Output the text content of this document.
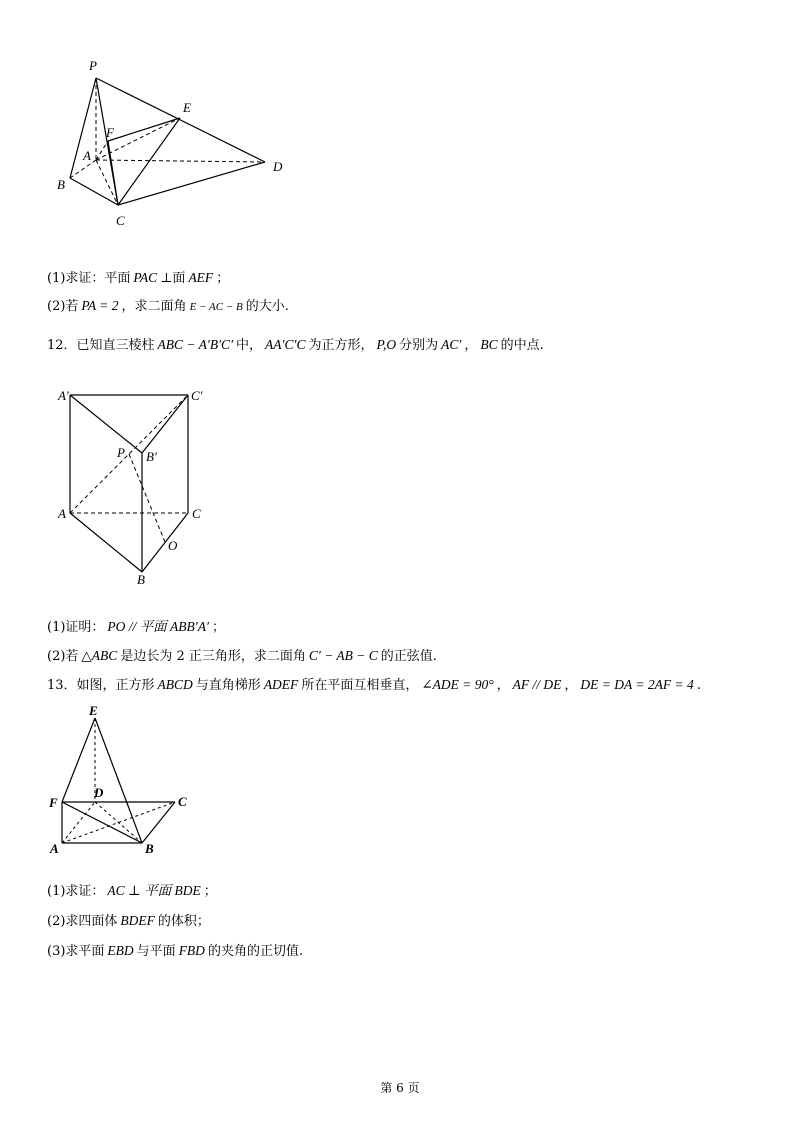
P
E
F
A
D
B
C
(1)求证：平面 PAC ⊥面 AEF ；
(2)若 PA = 2 ，求二面角 E − AC − B 的大小.
12．已知直三棱柱 ABC − A′B′C′ 中， AA′C′C 为正方形， P,O 分别为 AC′ ， BC 的中点.
A′	C′
P B′
A	C
O
B
(1)证明： PO // 平面 ABB′A′ ；
(2)若 △ABC 是边长为 2 正三角形，求二面角 C′ − AB − C 的正弦值.
13．如图，正方形 ABCD 与直角梯形 ADEF 所在平面互相垂直， ∠ADE = 90° ， AF // DE ， DE = DA = 2AF = 4 .
E
D
F	C
A	B
(1)求证： AC ⊥ 平面 BDE ；
(2)求四面体 BDEF 的体积；
(3)求平面 EBD 与平面 FBD 的夹角的正切值.
第 6 页
